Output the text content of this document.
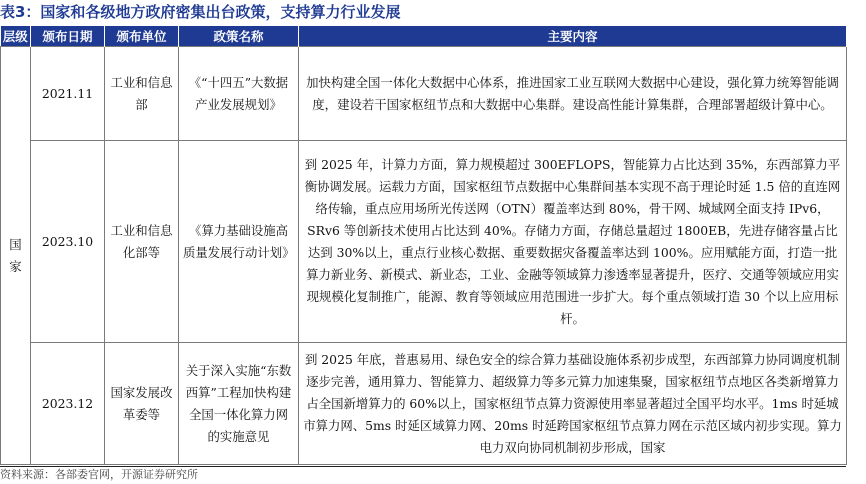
表3：国家和各级地方政府密集出台政策，支持算力行业发展
层级	颁布日期	颁布单位	政策名称	主要内容
国家	2021.11	工业和信息部	《“十四五”大数据产业发展规划》	加快构建全国一体化大数据中心体系，推进国家工业互联网大数据中心建设，强化算力统筹智能调度，建设若干国家枢纽节点和大数据中心集群。建设高性能计算集群，合理部署超级计算中心。
	2023.10	工业和信息化部等	《算力基础设施高质量发展行动计划》	到 2025 年，计算力方面，算力规模超过 300EFLOPS，智能算力占比达到 35%，东西部算力平衡协调发展。运载力方面，国家枢纽节点数据中心集群间基本实现不高于理论时延 1.5 倍的直连网络传输，重点应用场所光传送网（OTN）覆盖率达到 80%，骨干网、城域网全面支持 IPv6，SRv6 等创新技术使用占比达到 40%。存储力方面，存储总量超过 1800EB，先进存储容量占比达到 30%以上，重点行业核心数据、重要数据灾备覆盖率达到 100%。应用赋能方面，打造一批算力新业务、新模式、新业态，工业、金融等领域算力渗透率显著提升，医疗、交通等领域应用实现规模化复制推广，能源、教育等领域应用范围进一步扩大。每个重点领域打造 30 个以上应用标杆。
	2023.12	国家发展改革委等	关于深入实施“东数西算”工程加快构建全国一体化算力网的实施意见	到 2025 年底，普惠易用、绿色安全的综合算力基础设施体系初步成型，东西部算力协同调度机制逐步完善，通用算力、智能算力、超级算力等多元算力加速集聚，国家枢纽节点地区各类新增算力占全国新增算力的 60%以上，国家枢纽节点算力资源使用率显著超过全国平均水平。1ms 时延城市算力网、5ms 时延区域算力网、20ms 时延跨国家枢纽节点算力网在示范区域内初步实现。算力电力双向协同机制初步形成，国家
资料来源：各部委官网，开源证券研究所
